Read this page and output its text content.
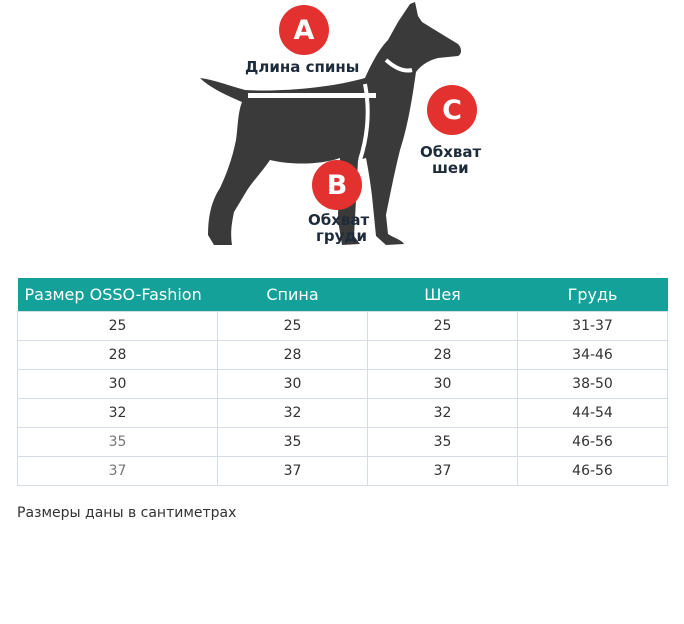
A
Длина спины
B
Обхват
груди
C
Обхват
шеи
Размер OSSO-Fashion	Спина	Шея	Грудь
25	25	25	31-37
28	28	28	34-46
30	30	30	38-50
32	32	32	44-54
35	35	35	46-56
37	37	37	46-56
Размеры даны в сантиметрах
